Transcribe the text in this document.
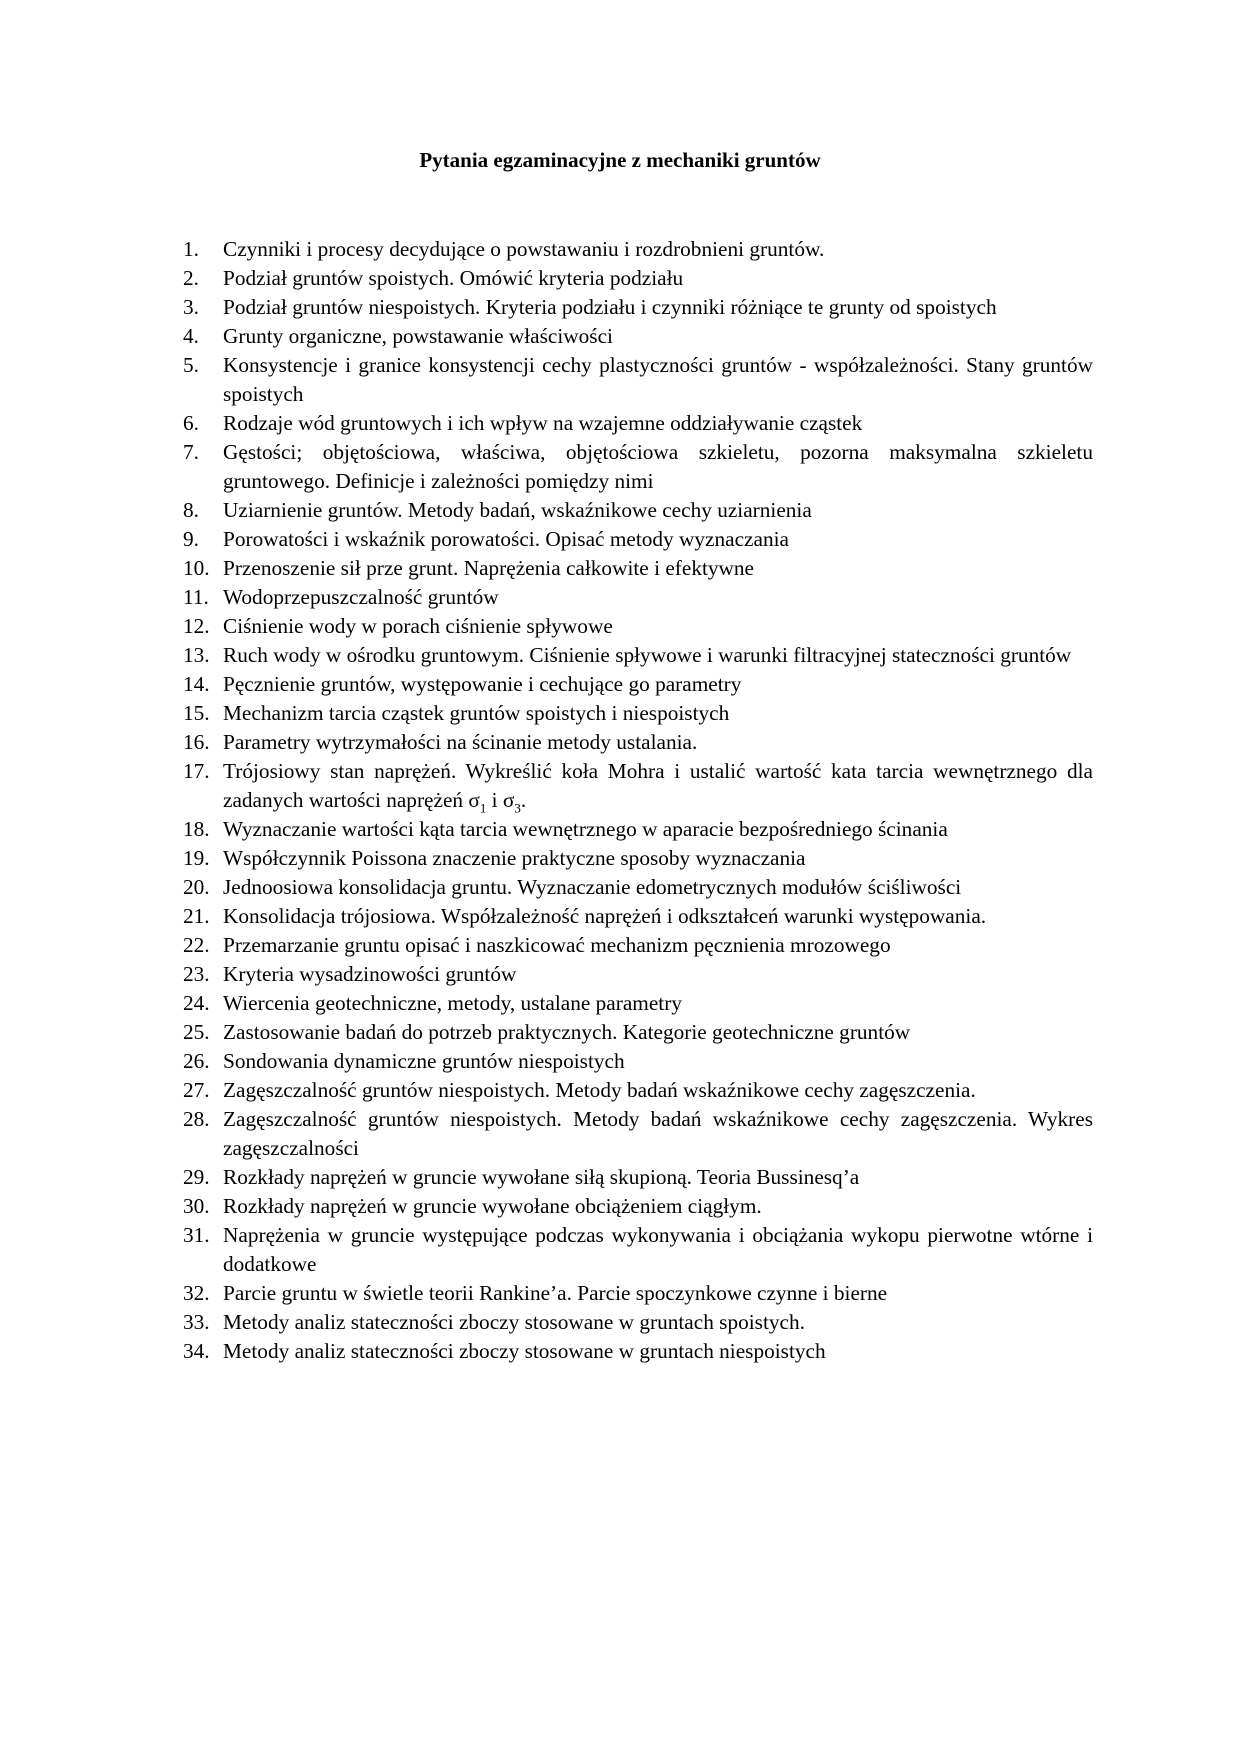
Pytania egzaminacyjne z mechaniki gruntów
1.	Czynniki i procesy decydujące o powstawaniu i rozdrobnieni gruntów.
2.	Podział gruntów spoistych. Omówić kryteria podziału
3.	Podział gruntów niespoistych. Kryteria podziału i czynniki różniące te grunty od spoistych
4.	Grunty organiczne, powstawanie właściwości
5.	Konsystencje i granice konsystencji cechy plastyczności gruntów - współzależności. Stany gruntów spoistych
6.	Rodzaje wód gruntowych i ich wpływ na wzajemne oddziaływanie cząstek
7.	Gęstości; objętościowa, właściwa, objętościowa szkieletu, pozorna maksymalna szkieletu gruntowego. Definicje i zależności pomiędzy nimi
8.	Uziarnienie gruntów. Metody badań, wskaźnikowe cechy uziarnienia
9.	Porowatości i wskaźnik porowatości. Opisać metody wyznaczania
10. Przenoszenie sił prze grunt. Naprężenia całkowite i efektywne
11. Wodoprzepuszczalność gruntów
12. Ciśnienie wody w porach ciśnienie spływowe
13. Ruch wody w ośrodku gruntowym. Ciśnienie spływowe i warunki filtracyjnej stateczności gruntów
14. Pęcznienie gruntów, występowanie i cechujące go parametry
15. Mechanizm tarcia cząstek gruntów spoistych i niespoistych
16. Parametry wytrzymałości na ścinanie metody ustalania.
17. Trójosiowy stan naprężeń. Wykreślić koła Mohra i ustalić wartość kata tarcia wewnętrznego dla zadanych wartości naprężeń $\sigma_1$ i $\sigma_3$.
18. Wyznaczanie wartości kąta tarcia wewnętrznego w aparacie bezpośredniego ścinania
19. Współczynnik Poissona znaczenie praktyczne sposoby wyznaczania
20. Jednoosiowa konsolidacja gruntu. Wyznaczanie edometrycznych modułów ściśliwości
21. Konsolidacja trójosiowa. Współzależność naprężeń i odkształceń warunki występowania.
22. Przemarzanie gruntu opisać i naszkicować mechanizm pęcznienia mrozowego
23. Kryteria wysadzinowości gruntów
24. Wiercenia geotechniczne, metody, ustalane parametry
25. Zastosowanie badań do potrzeb praktycznych. Kategorie geotechniczne gruntów
26. Sondowania dynamiczne gruntów niespoistych
27. Zagęszczalność gruntów niespoistych. Metody badań wskaźnikowe cechy zagęszczenia.
28. Zagęszczalność gruntów niespoistych. Metody badań wskaźnikowe cechy zagęszczenia. Wykres zagęszczalności
29. Rozkłady naprężeń w gruncie wywołane siłą skupioną. Teoria Bussinesq’a
30. Rozkłady naprężeń w gruncie wywołane obciążeniem ciągłym.
31. Naprężenia w gruncie występujące podczas wykonywania i obciążania wykopu pierwotne wtórne i dodatkowe
32. Parcie gruntu w świetle teorii Rankine’a. Parcie spoczynkowe czynne i bierne
33. Metody analiz stateczności zboczy stosowane w gruntach spoistych.
34. Metody analiz stateczności zboczy stosowane w gruntach niespoistych
